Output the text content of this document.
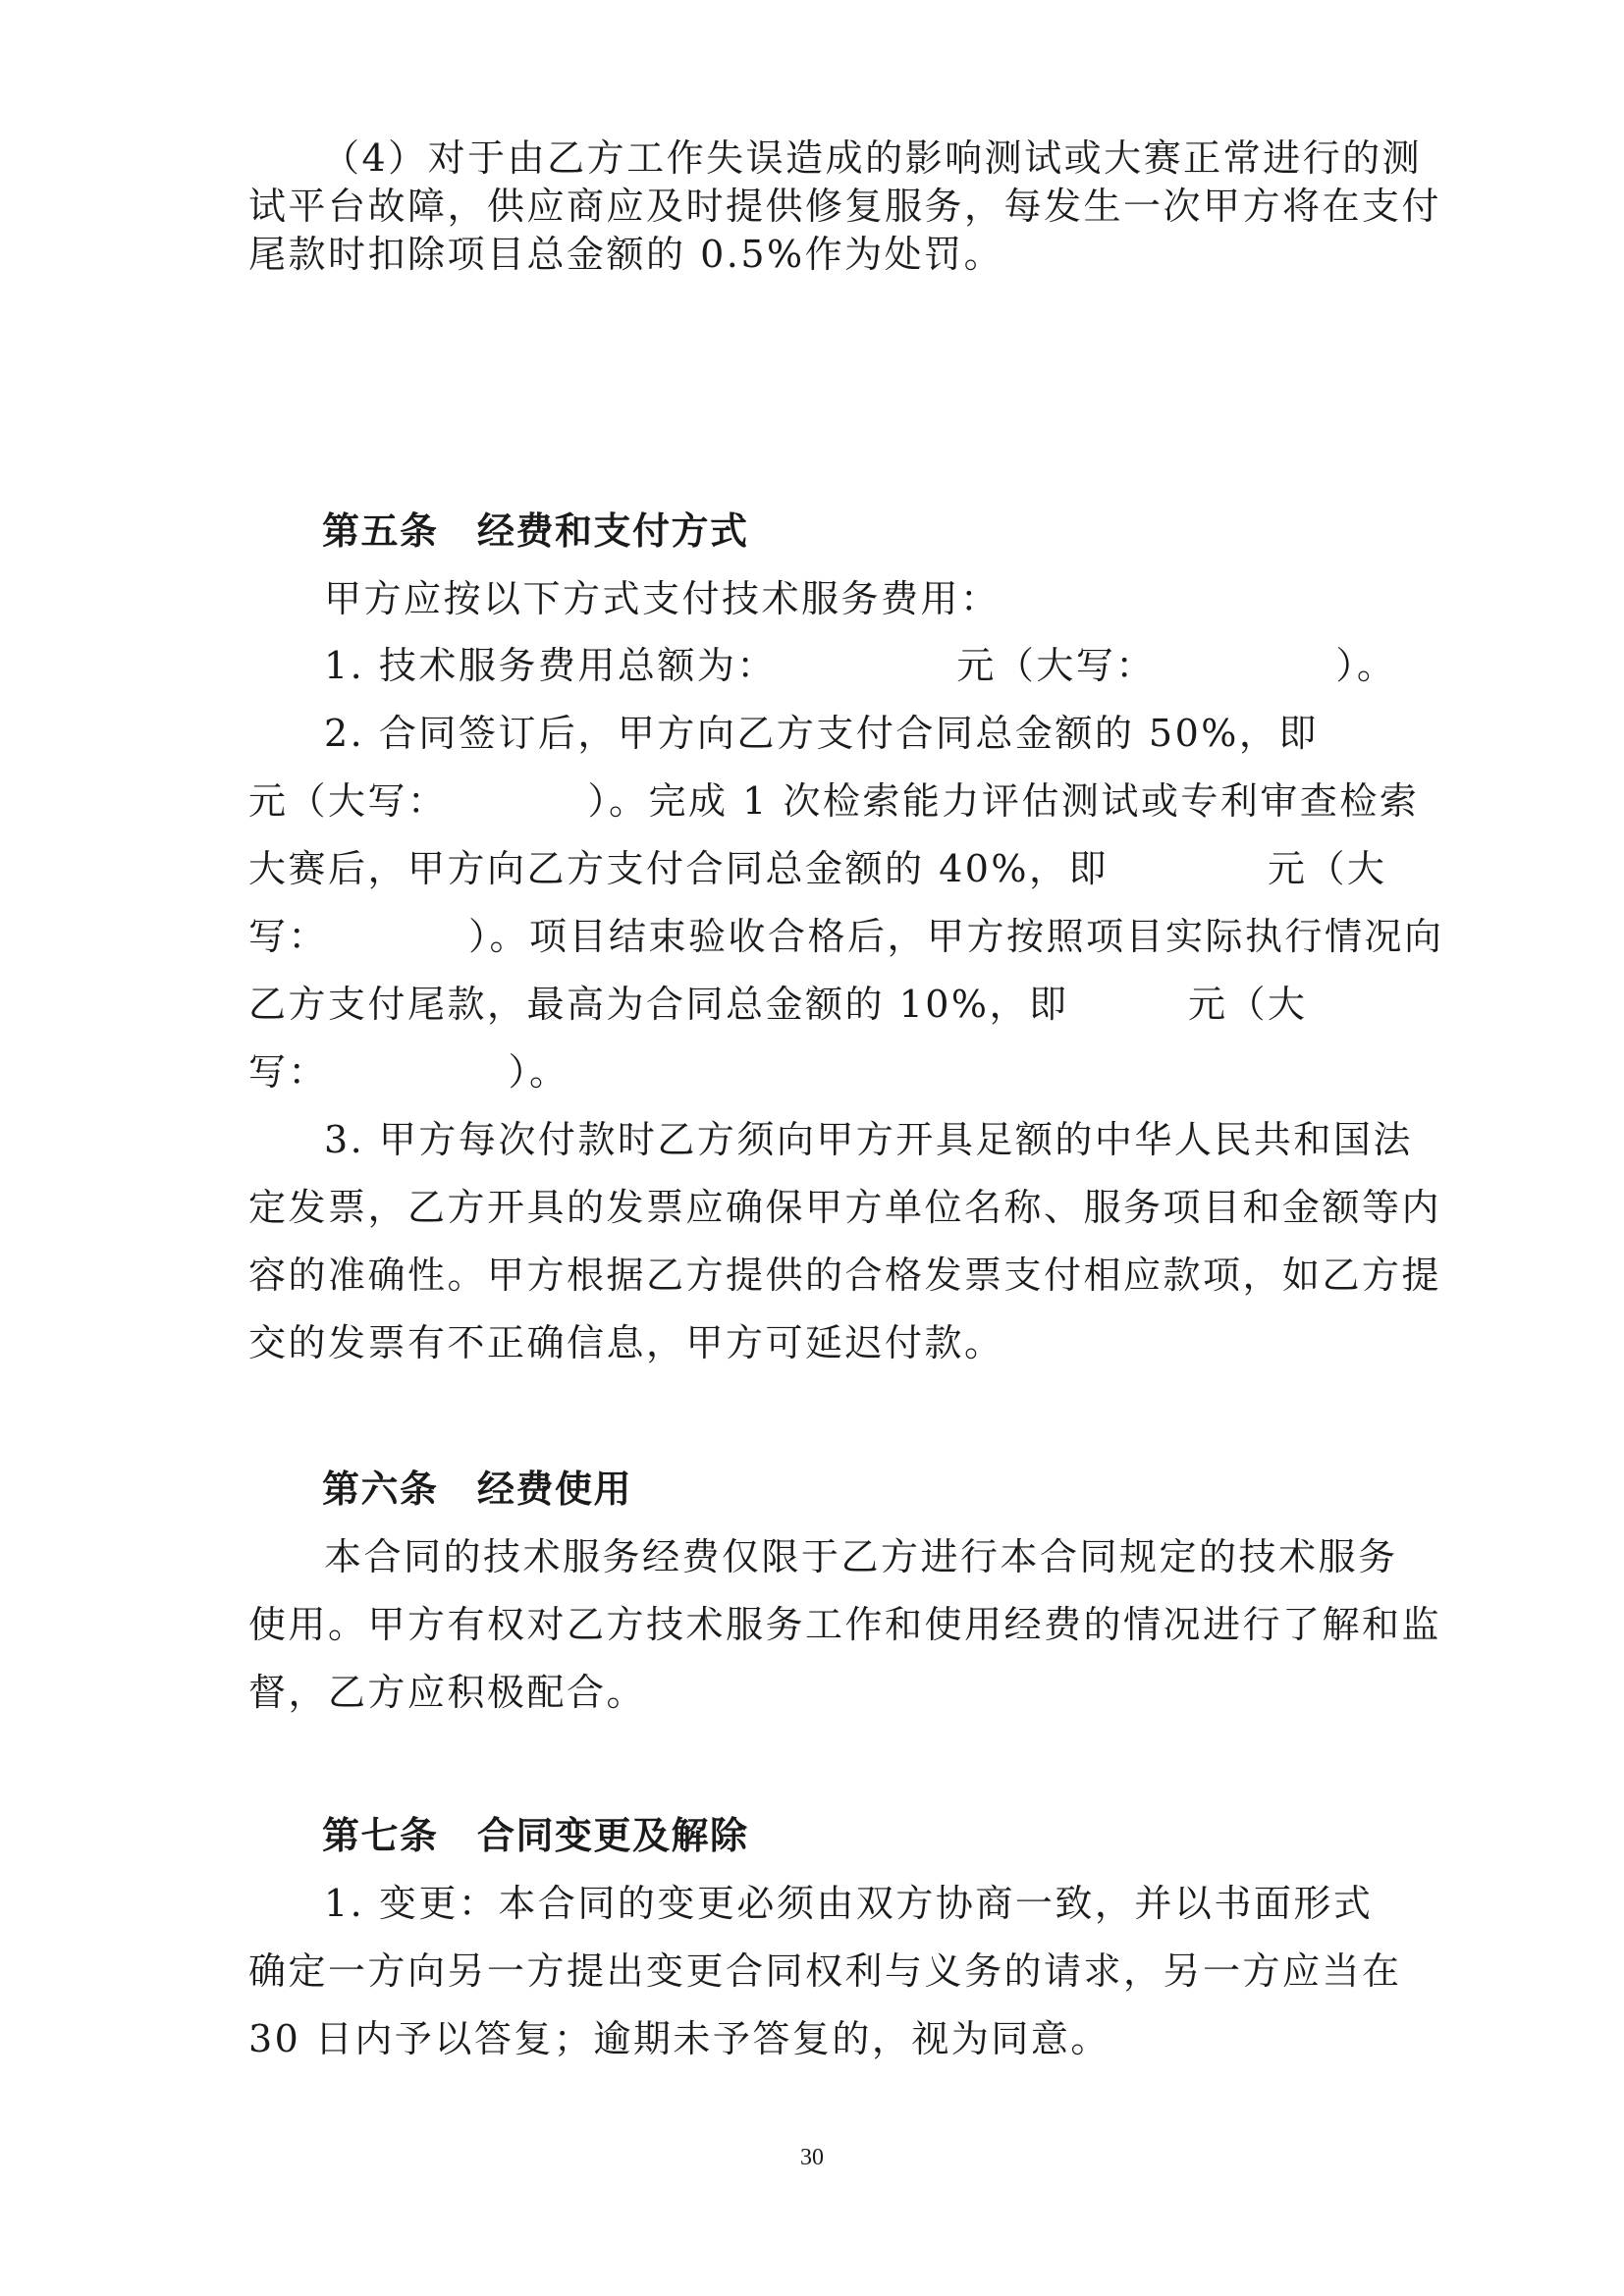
（4）对于由乙方工作失误造成的影响测试或大赛正常进行的测
试平台故障，供应商应及时提供修复服务，每发生一次甲方将在支付
尾款时扣除项目总金额的 0.5%作为处罚。
第五条　经费和支付方式
甲方应按以下方式支付技术服务费用：
1. 技术服务费用总额为：　　　　　元（大写：　　　　　）。
2. 合同签订后，甲方向乙方支付合同总金额的 50%，即
元（大写：　　　　）。完成 1 次检索能力评估测试或专利审查检索
大赛后，甲方向乙方支付合同总金额的 40%，即　　　　元（大
写：　　　　）。项目结束验收合格后，甲方按照项目实际执行情况向
乙方支付尾款，最高为合同总金额的 10%，即　　　元（大
写：　　　　　）。
3. 甲方每次付款时乙方须向甲方开具足额的中华人民共和国法
定发票，乙方开具的发票应确保甲方单位名称、服务项目和金额等内
容的准确性。甲方根据乙方提供的合格发票支付相应款项，如乙方提
交的发票有不正确信息，甲方可延迟付款。
第六条　经费使用
本合同的技术服务经费仅限于乙方进行本合同规定的技术服务
使用。甲方有权对乙方技术服务工作和使用经费的情况进行了解和监
督，乙方应积极配合。
第七条　合同变更及解除
1. 变更：本合同的变更必须由双方协商一致，并以书面形式
确定一方向另一方提出变更合同权利与义务的请求，另一方应当在
30 日内予以答复；逾期未予答复的，视为同意。
30
